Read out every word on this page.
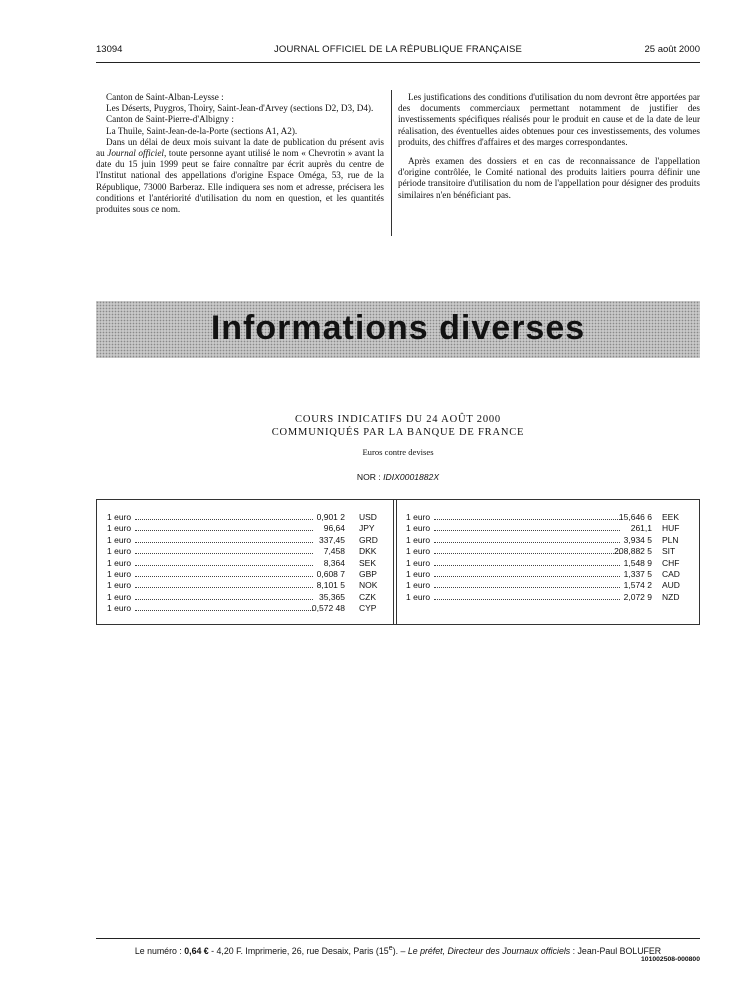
13094	JOURNAL OFFICIEL DE LA RÉPUBLIQUE FRANÇAISE	25 août 2000

Canton de Saint-Alban-Leysse :

Les Déserts, Puygros, Thoiry, Saint-Jean-d'Arvey (sections D2, D3, D4).

Canton de Saint-Pierre-d'Albigny :

La Thuile, Saint-Jean-de-la-Porte (sections A1, A2).

Dans un délai de deux mois suivant la date de publication du présent avis au Journal officiel, toute personne ayant utilisé le nom « Chevrotin » avant la date du 15 juin 1999 peut se faire connaître par écrit auprès du centre de l'Institut national des appellations d'origine Espace Oméga, 53, rue de la République, 73000 Barberaz. Elle indiquera ses nom et adresse, précisera les conditions et l'antériorité d'utilisation du nom en question, et les quantités produites sous ce nom.

Les justifications des conditions d'utilisation du nom devront être apportées par des documents commerciaux permettant notamment de justifier des investissements spécifiques réalisés pour le produit en cause et de la date de leur réalisation, des éventuelles aides obtenues pour ces investissements, des volumes produits, des chiffres d'affaires et des marges correspondantes.

Après examen des dossiers et en cas de reconnaissance de l'appellation d'origine contrôlée, le Comité national des produits laitiers pourra définir une période transitoire d'utilisation du nom de l'appellation pour désigner des produits similaires n'en bénéficiant pas.

Informations diverses
COURS INDICATIFS DU 24 AOÛT 2000
COMMUNIQUÉS PAR LA BANQUE DE FRANCE
Euros contre devises
NOR : IDIX0001882X
1 euro	0,901 2 USD
1 euro	96,64 JPY
1 euro	337,45 GRD
1 euro	7,458 DKK
1 euro	8,364 SEK
1 euro	0,608 7 GBP
1 euro	8,101 5 NOK
1 euro	35,365 CZK
1 euro	0,572 48 CYP
1 euro	15,646 6 EEK
1 euro	261,1 HUF
1 euro	3,934 5 PLN
1 euro	208,882 5 SIT
1 euro	1,548 9 CHF
1 euro	1,337 5 CAD
1 euro	1,574 2 AUD
1 euro	2,072 9 NZD
Le numéro : 0,64 € - 4,20 F. Imprimerie, 26, rue Desaix, Paris (15e). – Le préfet, Directeur des Journaux officiels : Jean-Paul BOLUFER
101002508-000800
